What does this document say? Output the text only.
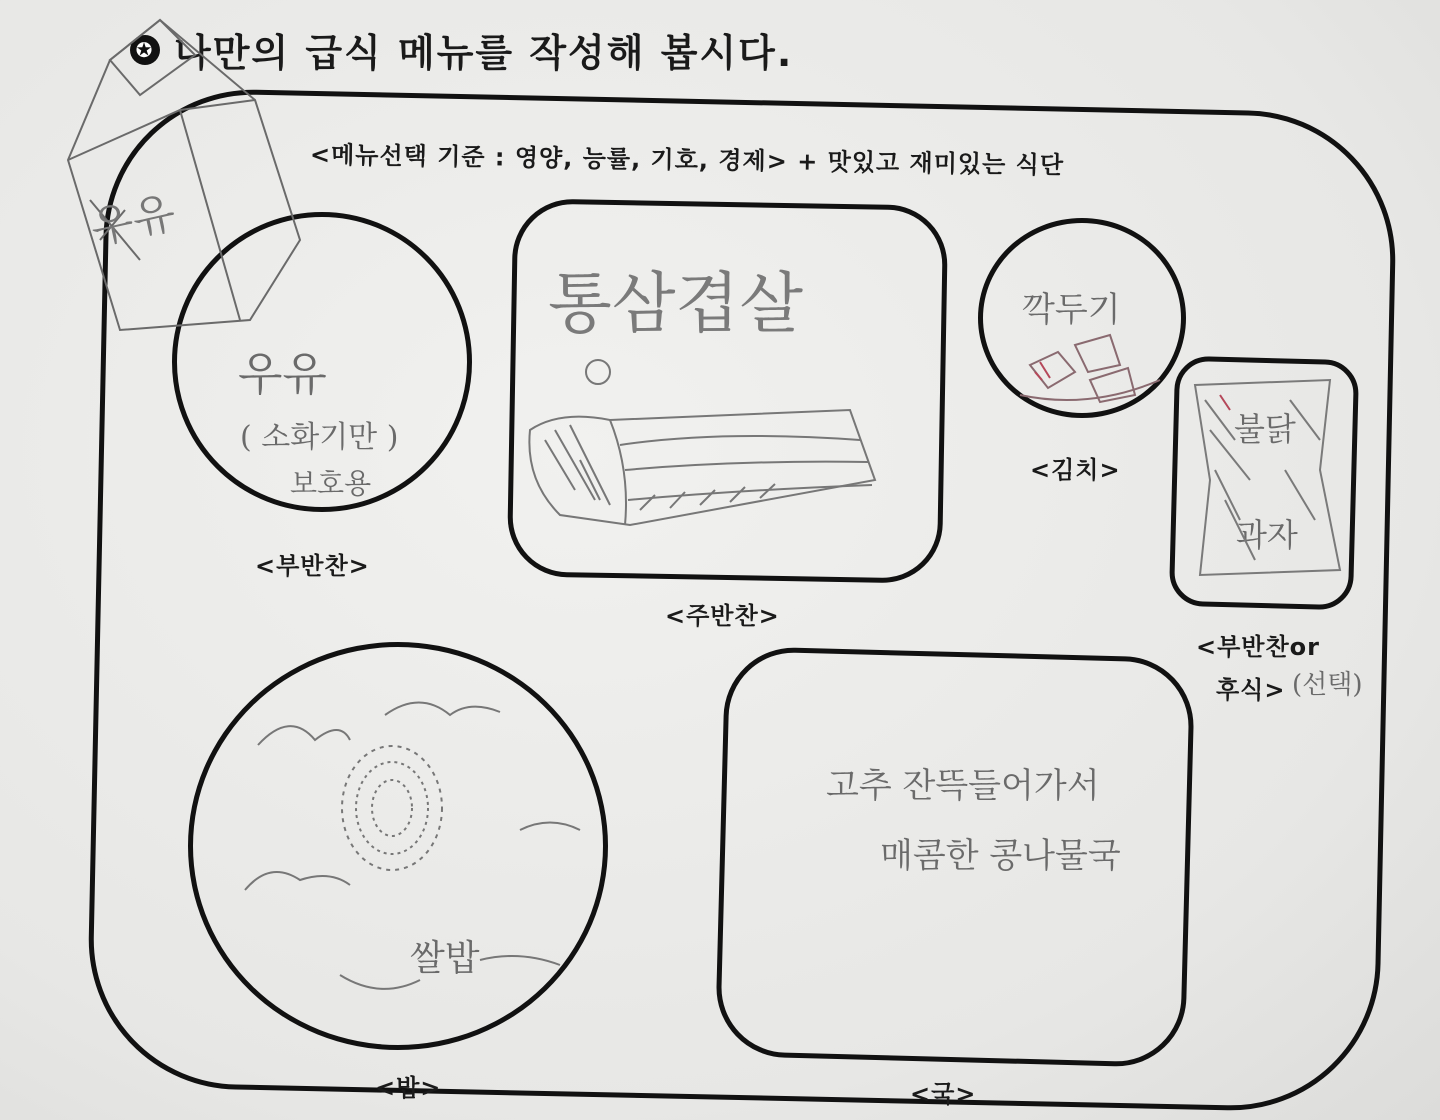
✪ 나만의 급식 메뉴를 작성해 봅시다.
<메뉴선택 기준 : 영양, 능률, 기호, 경제> + 맛있고 재미있는 식단
<부반찬>
<주반찬>
<김치>
<부반찬or
후식>
<밥>	<국>
우유
( 소화기만 )
보호용
통삼겹살	깍두기
불닭
과자
(선택)
쌀밥
고추 잔뜩들어가서
매콤한 콩나물국
우유
